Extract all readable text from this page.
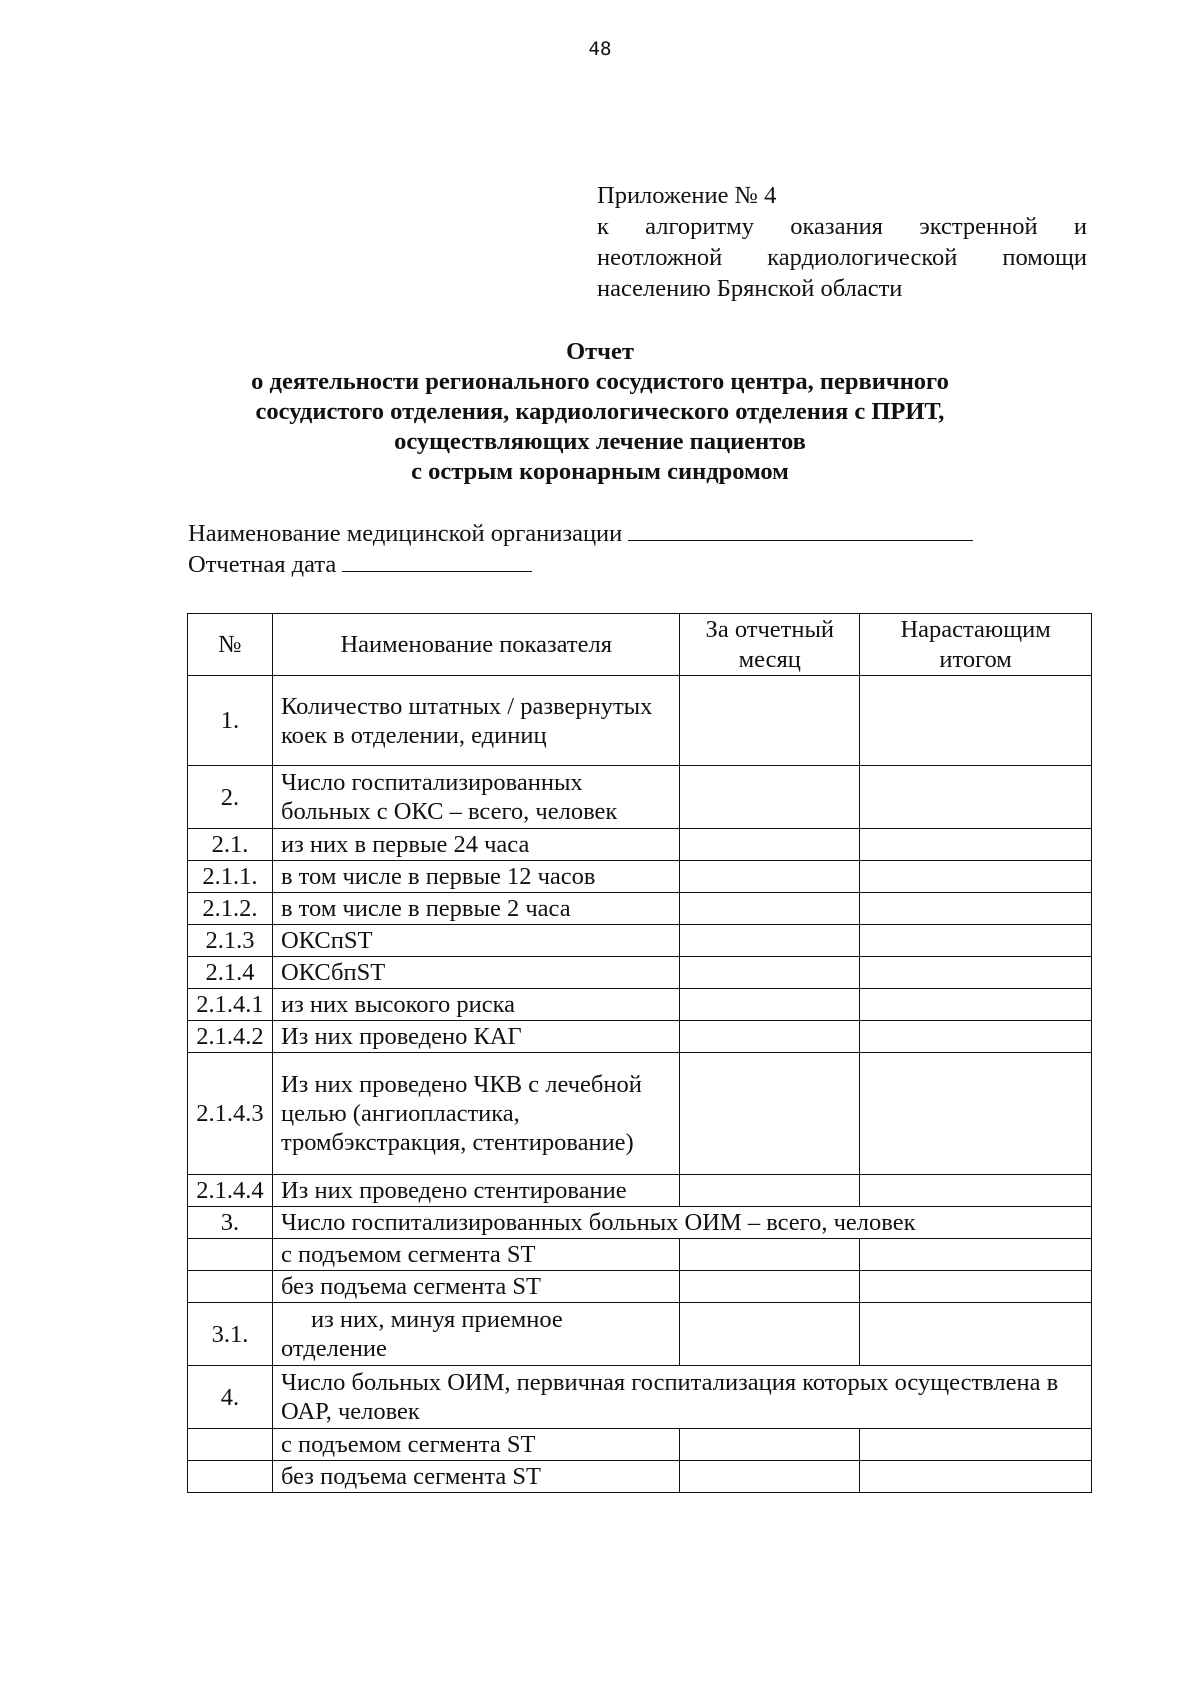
48
Приложение № 4
к алгоритму оказания экстренной и
неотложной кардиологической помощи
населению Брянской области
Отчет
о деятельности регионального сосудистого центра, первичного
сосудистого отделения, кардиологического отделения с ПРИТ,
осуществляющих лечение пациентов
с острым коронарным синдромом
Наименование медицинской организации
Отчетная дата
№	Наименование показателя	За отчетный месяц	Нарастающим итогом
1.	Количество штатных / развернутых коек в отделении, единиц		
2.	Число госпитализированных больных с ОКС – всего, человек		
2.1.	из них в первые 24 часа		
2.1.1.	в том числе в первые 12 часов		
2.1.2.	в том числе в первые 2 часа		
2.1.3	ОКСпST		
2.1.4	ОКСбпST		
2.1.4.1	из них высокого риска		
2.1.4.2	Из них проведено КАГ		
2.1.4.3	Из них проведено ЧКВ с лечебной целью (ангиопластика, тромбэкстракция, стентирование)		
2.1.4.4	Из них проведено стентирование		
3.	Число госпитализированных больных ОИМ – всего, человек		
	с подъемом сегмента ST		
	без подъема сегмента ST		
3.1.	из них, минуя приемное отделение		
4.	Число больных ОИМ, первичная госпитализация которых осуществлена в ОАР, человек		
	с подъемом сегмента ST		
	без подъема сегмента ST		
